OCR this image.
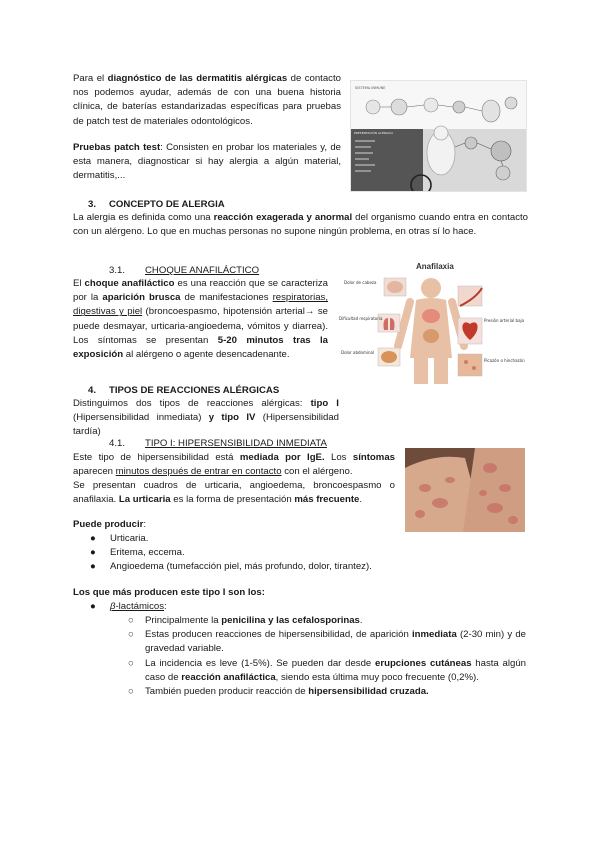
Para el diagnóstico de las dermatitis alérgicas de contacto nos podemos ayudar, además de con una buena historia clínica, de baterías estandarizadas específicas para pruebas de patch test de materiales odontológicos.

Pruebas patch test: Consisten en probar los materiales y, de esta manera, diagnosticar si hay alergia a algún material, dermatitis,...

SISTEMA INMUNE
PRESENTACIÓN ALÉRGICA
3. CONCEPTO DE ALERGIA

La alergia es definida como una reacción exagerada y anormal del organismo cuando entra en contacto con un alérgeno. Lo que en muchas personas no supone ningún problema, en otras sí lo hace.

3.1. CHOQUE ANAFILÁCTICO

El choque anafiláctico es una reacción que se caracteriza por la aparición brusca de manifestaciones respiratorias, digestivas y piel (broncoespasmo, hipotensión arterial→ se puede desmayar, urticaria-angioedema, vómitos y diarrea). Los síntomas se presentan 5-20 minutos tras la exposición al alérgeno o agente desencadenante.

Anafilaxia
Dolor de cabeza
Dificultad respiratoria
Dolor abdominal
Presión arterial baja
Picazón o hinchazón
4. TIPOS DE REACCIONES ALÉRGICAS

Distinguimos dos tipos de reacciones alérgicas: tipo I (Hipersensibilidad inmediata) y tipo IV (Hipersensibilidad tardía)

4.1. TIPO I: HIPERSENSIBILIDAD INMEDIATA

Este tipo de hipersensibilidad está mediada por IgE. Los síntomas aparecen minutos después de entrar en contacto con el alérgeno.

Se presentan cuadros de urticaria, angioedema, broncoespasmo o anafilaxia. La urticaria es la forma de presentación más frecuente.

Puede producir:
● Urticaria.
● Eritema, eccema.
● Angioedema (tumefacción piel, más profundo, dolor, tirantez).
Los que más producen este tipo I son los:
● β-lactámicos:
○ Principalmente la penicilina y las cefalosporinas.
○ Estas producen reacciones de hipersensibilidad, de aparición inmediata (2-30 min) y de gravedad variable.
○ La incidencia es leve (1-5%). Se pueden dar desde erupciones cutáneas hasta algún caso de reacción anafiláctica, siendo esta última muy poco frecuente (0,2%).
○ También pueden producir reacción de hipersensibilidad cruzada.
